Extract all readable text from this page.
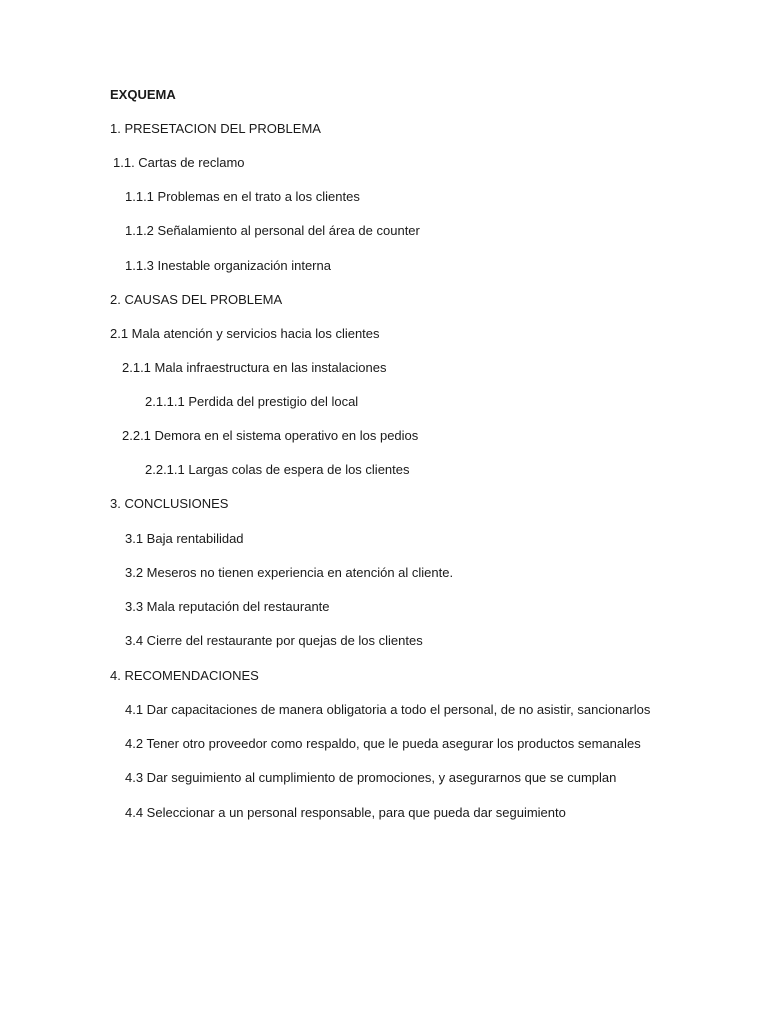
EXQUEMA
1. PRESETACION DEL PROBLEMA
1.1. Cartas de reclamo
1.1.1 Problemas en el trato a los clientes
1.1.2 Señalamiento al personal del área de counter
1.1.3 Inestable organización interna
2. CAUSAS DEL PROBLEMA
2.1 Mala atención y servicios hacia los clientes
2.1.1 Mala infraestructura en las instalaciones
2.1.1.1 Perdida del prestigio del local
2.2.1 Demora en el sistema operativo en los pedios
2.2.1.1 Largas colas de espera de los clientes
3. CONCLUSIONES
3.1 Baja rentabilidad
3.2 Meseros no tienen experiencia en atención al cliente.
3.3 Mala reputación del restaurante
3.4 Cierre del restaurante por quejas de los clientes
4. RECOMENDACIONES
4.1 Dar capacitaciones de manera obligatoria a todo el personal, de no asistir, sancionarlos
4.2 Tener otro proveedor como respaldo, que le pueda asegurar los productos semanales
4.3 Dar seguimiento al cumplimiento de promociones, y asegurarnos que se cumplan
4.4 Seleccionar a un personal responsable, para que pueda dar seguimiento
